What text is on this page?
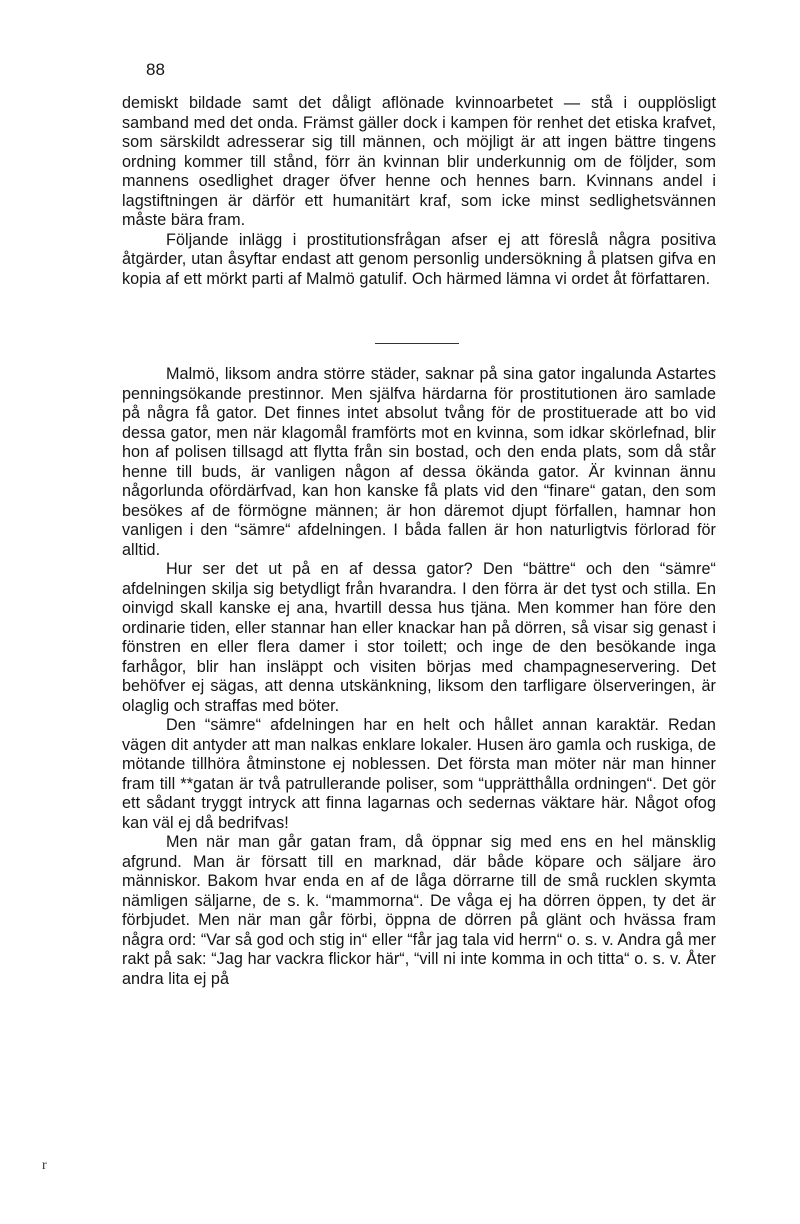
88

demiskt bildade samt det dåligt aflönade kvinnoarbetet — stå i oupplösligt samband med det onda. Främst gäller dock i kampen för renhet det etiska krafvet, som särskildt adresserar sig till männen, och möjligt är att ingen bättre tingens ordning kommer till stånd, förr än kvinnan blir underkunnig om de följder, som mannens osedlighet drager öfver henne och hennes barn. Kvinnans andel i lagstiftningen är därför ett humanitärt kraf, som icke minst sedlighetsvännen måste bära fram.

Följande inlägg i prostitutionsfrågan afser ej att föreslå några positiva åtgärder, utan åsyftar endast att genom personlig undersökning å platsen gifva en kopia af ett mörkt parti af Malmö gatulif. Och härmed lämna vi ordet åt författaren.

Malmö, liksom andra större städer, saknar på sina gator ingalunda Astartes penningsökande prestinnor. Men själfva härdarna för prostitutionen äro samlade på några få gator. Det finnes intet absolut tvång för de prostituerade att bo vid dessa gator, men när klagomål framförts mot en kvinna, som idkar skörlefnad, blir hon af polisen tillsagd att flytta från sin bostad, och den enda plats, som då står henne till buds, är vanligen någon af dessa ökända gator. Är kvinnan ännu någorlunda ofördärfvad, kan hon kanske få plats vid den “finare“ gatan, den som besökes af de förmögne männen; är hon däremot djupt förfallen, hamnar hon vanligen i den “sämre“ afdelningen. I båda fallen är hon naturligtvis förlorad för alltid.

Hur ser det ut på en af dessa gator? Den “bättre“ och den “sämre“ afdelningen skilja sig betydligt från hvarandra. I den förra är det tyst och stilla. En oinvigd skall kanske ej ana, hvartill dessa hus tjäna. Men kommer han före den ordinarie tiden, eller stannar han eller knackar han på dörren, så visar sig genast i fönstren en eller flera damer i stor toilett; och inge de den besökande inga farhågor, blir han insläppt och visiten börjas med champagneservering. Det behöfver ej sägas, att denna utskänkning, liksom den tarfligare ölserveringen, är olaglig och straffas med böter.

Den “sämre“ afdelningen har en helt och hållet annan karaktär. Redan vägen dit antyder att man nalkas enklare lokaler. Husen äro gamla och ruskiga, de mötande tillhöra åtminstone ej noblessen. Det första man möter när man hinner fram till **gatan är två patrullerande poliser, som “upprätthålla ordningen“. Det gör ett sådant tryggt intryck att finna lagarnas och sedernas väktare här. Något ofog kan väl ej då bedrifvas!

Men när man går gatan fram, då öppnar sig med ens en hel mänsklig afgrund. Man är försatt till en marknad, där både köpare och säljare äro människor. Bakom hvar enda en af de låga dörrarne till de små rucklen skymta nämligen säljarne, de s. k. “mammorna“. De våga ej ha dörren öppen, ty det är förbjudet. Men när man går förbi, öppna de dörren på glänt och hvässa fram några ord: “Var så god och stig in“ eller “får jag tala vid herrn“ o. s. v. Andra gå mer rakt på sak: “Jag har vackra flickor här“, “vill ni inte komma in och titta“ o. s. v. Åter andra lita ej på

r
